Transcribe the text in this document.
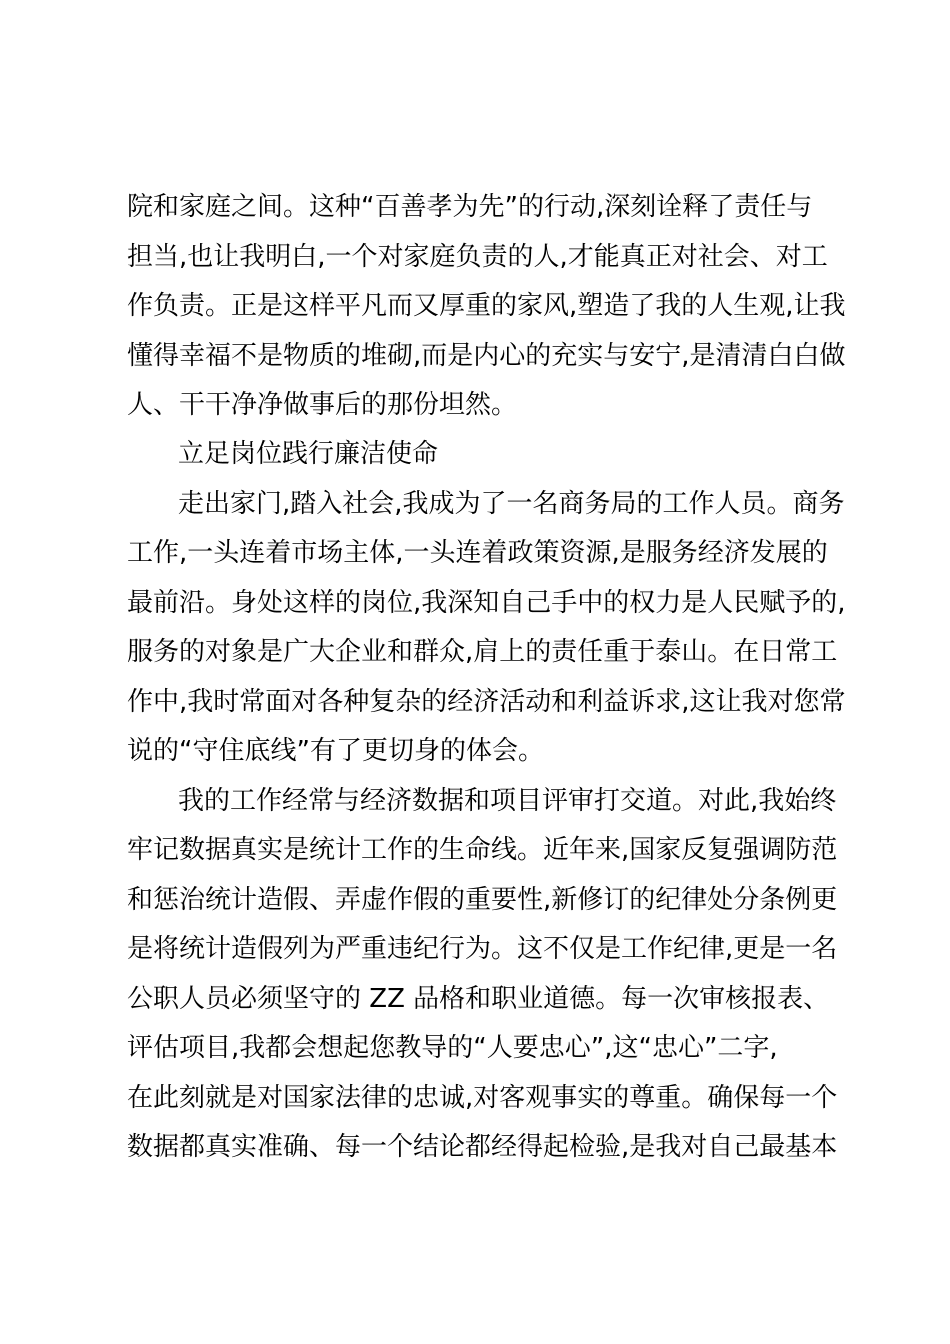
院和家庭之间。这种“百善孝为先”的行动,深刻诠释了责任与
担当,也让我明白,一个对家庭负责的人,才能真正对社会、对工
作负责。正是这样平凡而又厚重的家风,塑造了我的人生观,让我
懂得幸福不是物质的堆砌,而是内心的充实与安宁,是清清白白做
人、干干净净做事后的那份坦然。
立足岗位践行廉洁使命
走出家门,踏入社会,我成为了一名商务局的工作人员。商务
工作,一头连着市场主体,一头连着政策资源,是服务经济发展的
最前沿。身处这样的岗位,我深知自己手中的权力是人民赋予的,
服务的对象是广大企业和群众,肩上的责任重于泰山。在日常工
作中,我时常面对各种复杂的经济活动和利益诉求,这让我对您常
说的“守住底线”有了更切身的体会。
我的工作经常与经济数据和项目评审打交道。对此,我始终
牢记数据真实是统计工作的生命线。近年来,国家反复强调防范
和惩治统计造假、弄虚作假的重要性,新修订的纪律处分条例更
是将统计造假列为严重违纪行为。这不仅是工作纪律,更是一名
公职人员必须坚守的 ZZ 品格和职业道德。每一次审核报表、
评估项目,我都会想起您教导的“人要忠心”,这“忠心”二字,
在此刻就是对国家法律的忠诚,对客观事实的尊重。确保每一个
数据都真实准确、每一个结论都经得起检验,是我对自己最基本
